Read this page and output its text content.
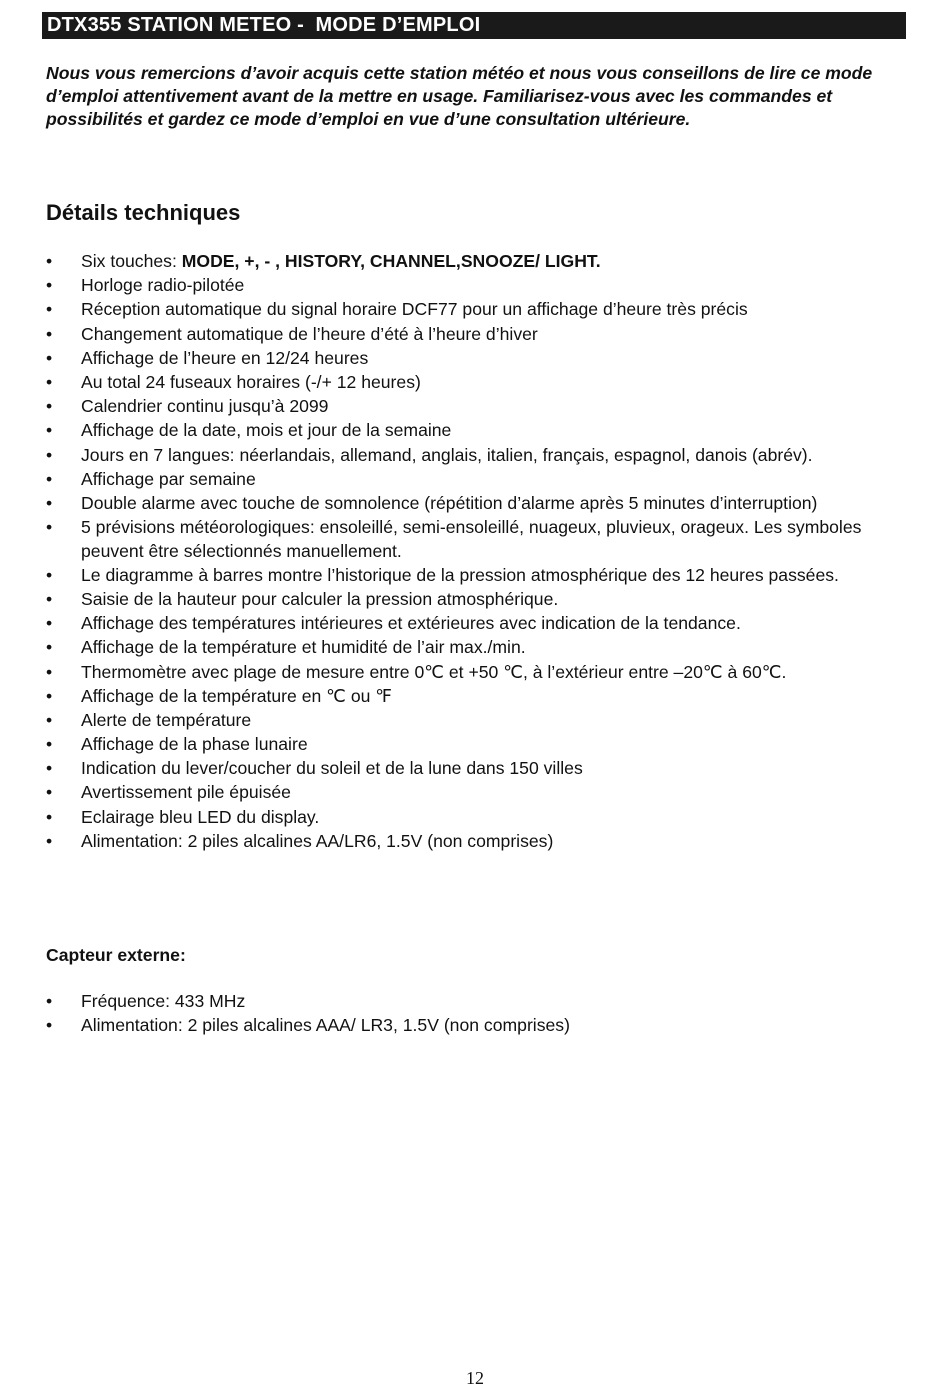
DTX355 STATION METEO -  MODE D’EMPLOI

Nous vous remercions d’avoir acquis cette station météo et nous vous conseillons de lire ce mode d’emploi attentivement avant de la mettre en usage. Familiarisez-vous avec les commandes et possibilités et gardez ce mode d’emploi en vue d’une consultation ultérieure.

Détails techniques
•	Six touches: MODE, +, - , HISTORY, CHANNEL,SNOOZE/ LIGHT.
•	Horloge radio-pilotée
•	Réception automatique du signal horaire DCF77 pour un affichage d’heure très précis
•	Changement automatique de l’heure d’été à l’heure d’hiver
•	Affichage de l’heure en 12/24 heures
•	Au total 24 fuseaux horaires (-/+ 12 heures)
•	Calendrier continu jusqu’à 2099
•	Affichage de la date, mois et jour de la semaine
•	Jours en 7 langues: néerlandais, allemand, anglais, italien, français, espagnol, danois (abrév).
•	Affichage par semaine
•	Double alarme avec touche de somnolence (répétition d’alarme après 5 minutes d’interruption)
•	5 prévisions météorologiques: ensoleillé, semi-ensoleillé, nuageux, pluvieux, orageux. Les symboles peuvent être sélectionnés manuellement.
•	Le diagramme à barres montre l’historique de la pression atmosphérique des 12 heures passées.
•	Saisie de la hauteur pour calculer la pression atmosphérique.
•	Affichage des températures intérieures et extérieures avec indication de la tendance.
•	Affichage de la température et humidité de l’air max./min.
•	Thermomètre avec plage de mesure entre 0℃ et +50 ℃, à l’extérieur entre –20℃ à 60℃.
•	Affichage de la température en ℃ ou ℉
•	Alerte de température
•	Affichage de la phase lunaire
•	Indication du lever/coucher du soleil et de la lune dans 150 villes
•	Avertissement pile épuisée
•	Eclairage bleu LED du display.
•	Alimentation: 2 piles alcalines AA/LR6, 1.5V (non comprises)
Capteur externe:
•	Fréquence: 433 MHz
•	Alimentation: 2 piles alcalines AAA/ LR3, 1.5V (non comprises)
12
